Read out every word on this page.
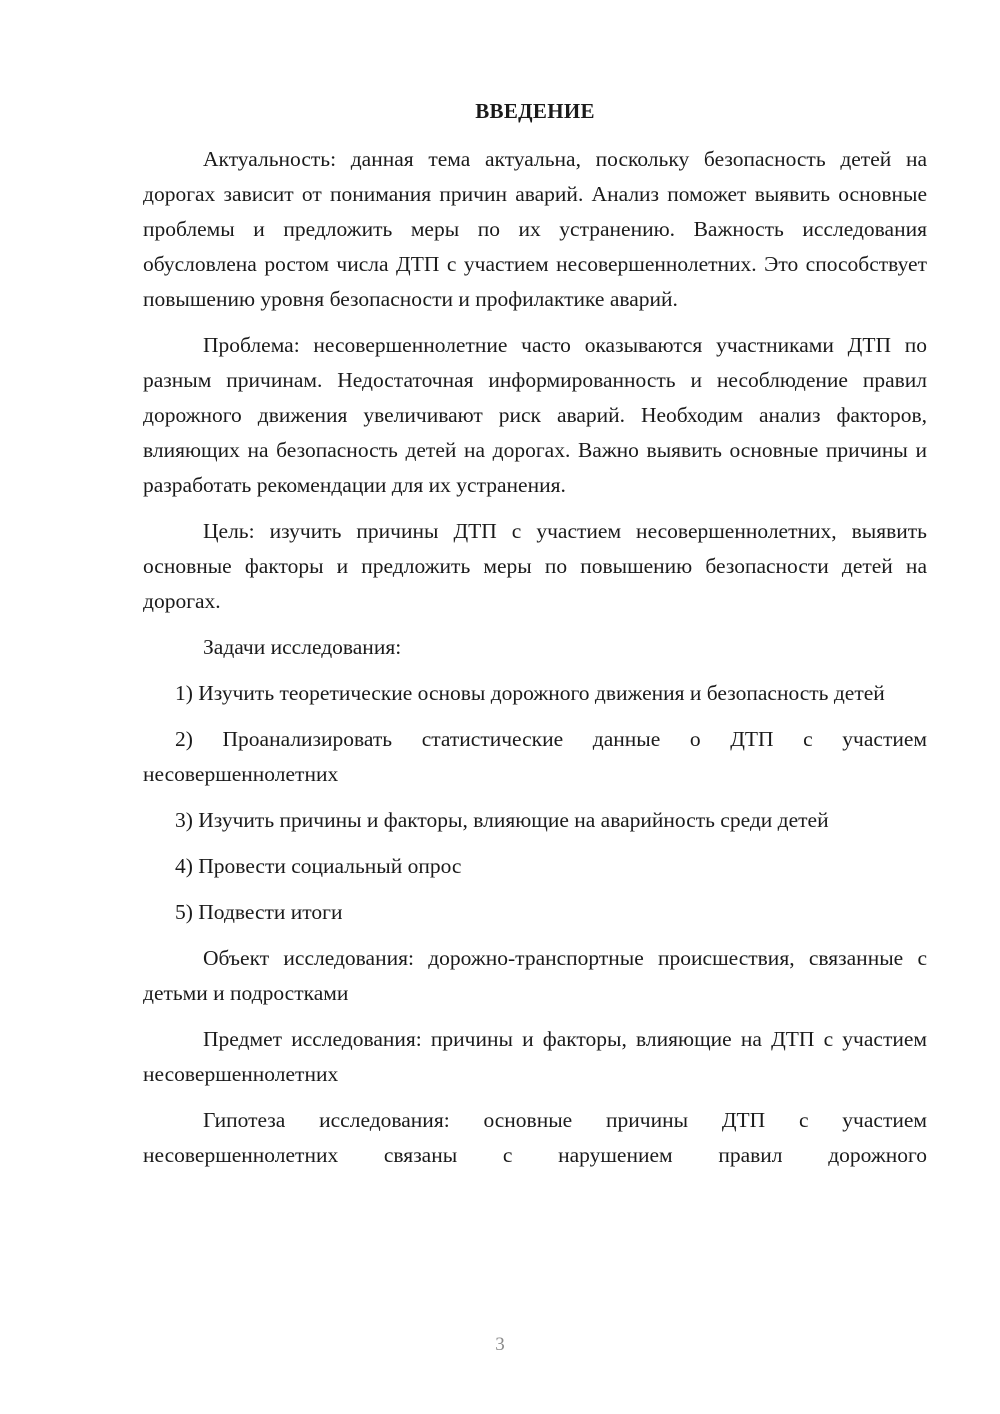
ВВЕДЕНИЕ

Актуальность: данная тема актуальна, поскольку безопасность детей на дорогах зависит от понимания причин аварий. Анализ поможет выявить основные проблемы и предложить меры по их устранению. Важность исследования обусловлена ростом числа ДТП с участием несовершеннолетних. Это способствует повышению уровня безопасности и профилактике аварий.

Проблема: несовершеннолетние часто оказываются участниками ДТП по разным причинам. Недостаточная информированность и несоблюдение правил дорожного движения увеличивают риск аварий. Необходим анализ факторов, влияющих на безопасность детей на дорогах. Важно выявить основные причины и разработать рекомендации для их устранения.

Цель: изучить причины ДТП с участием несовершеннолетних, выявить основные факторы и предложить меры по повышению безопасности детей на дорогах.

Задачи исследования:

1) Изучить теоретические основы дорожного движения и безопасность детей

2) Проанализировать статистические данные о ДТП с участием несовершеннолетних

3) Изучить причины и факторы, влияющие на аварийность среди детей

4) Провести социальный опрос

5) Подвести итоги

Объект исследования: дорожно-транспортные происшествия, связанные с детьми и подростками

Предмет исследования: причины и факторы, влияющие на ДТП с участием несовершеннолетних

Гипотеза исследования: основные причины ДТП с участием несовершеннолетних связаны с нарушением правил дорожного

3
